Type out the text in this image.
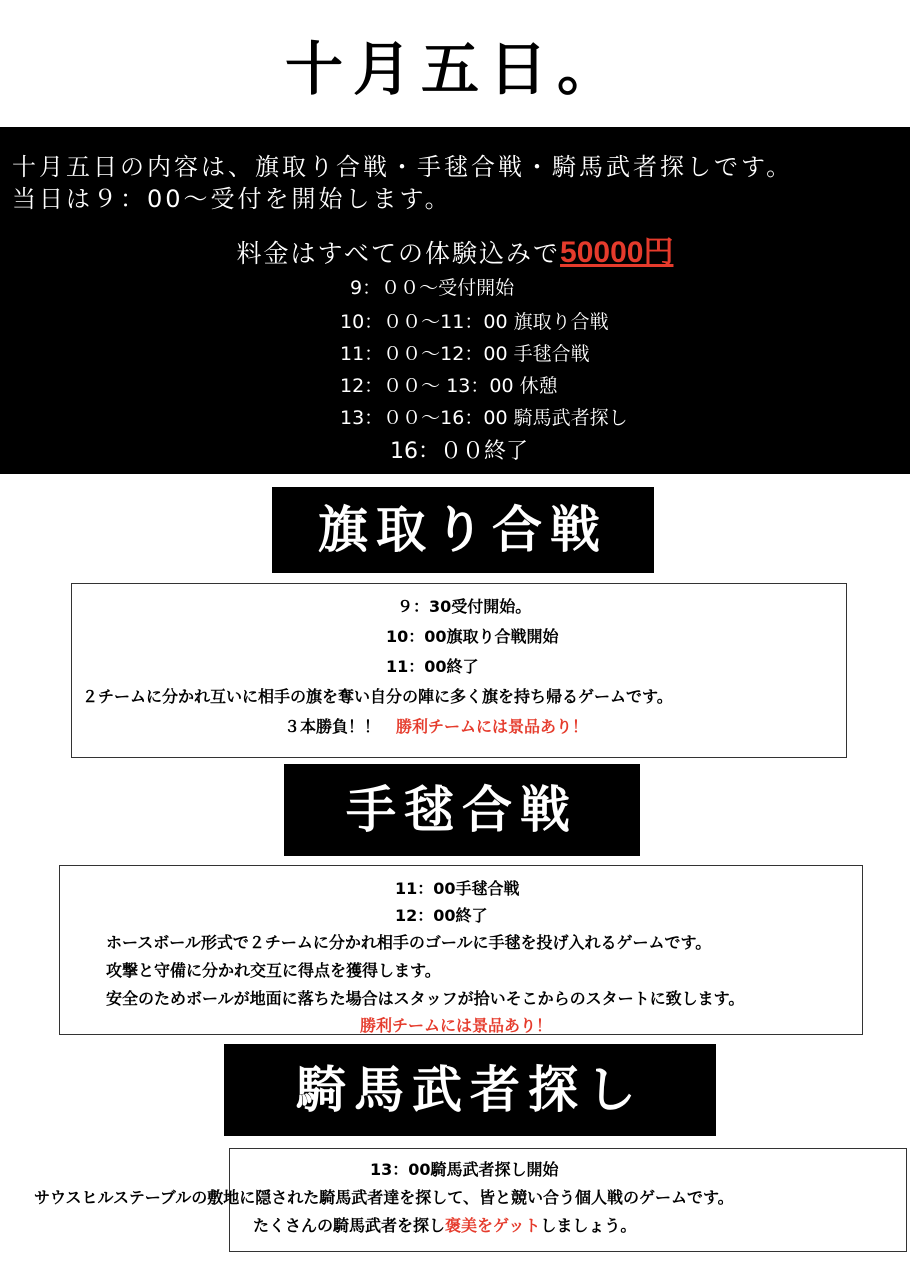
十月五日。
十月五日の内容は、旗取り合戦・手毬合戦・騎馬武者探しです。
当日は９：00〜受付を開始します。
料金はすべての体験込みで50000円
9：００〜受付開始
10：００〜11：00 旗取り合戦
11：００〜12：00 手毬合戦
12：００〜 13：00 休憩
13：００〜16：00 騎馬武者探し
16：００終了
旗取り合戦
９：30受付開始。
10：00旗取り合戦開始
11：00終了
２チームに分かれ互いに相手の旗を奪い自分の陣に多く旗を持ち帰るゲームです。
３本勝負！！　 勝利チームには景品あり！
手毬合戦
11：00手毬合戦
12：00終了
ホースボール形式で２チームに分かれ相手のゴールに手毬を投げ入れるゲームです。
攻撃と守備に分かれ交互に得点を獲得します。
安全のためボールが地面に落ちた場合はスタッフが拾いそこからのスタートに致します。
勝利チームには景品あり！
騎馬武者探し
13：00騎馬武者探し開始
サウスヒルステーブルの敷地に隠された騎馬武者達を探して、皆と競い合う個人戦のゲームです。
たくさんの騎馬武者を探し褒美をゲットしましょう。
